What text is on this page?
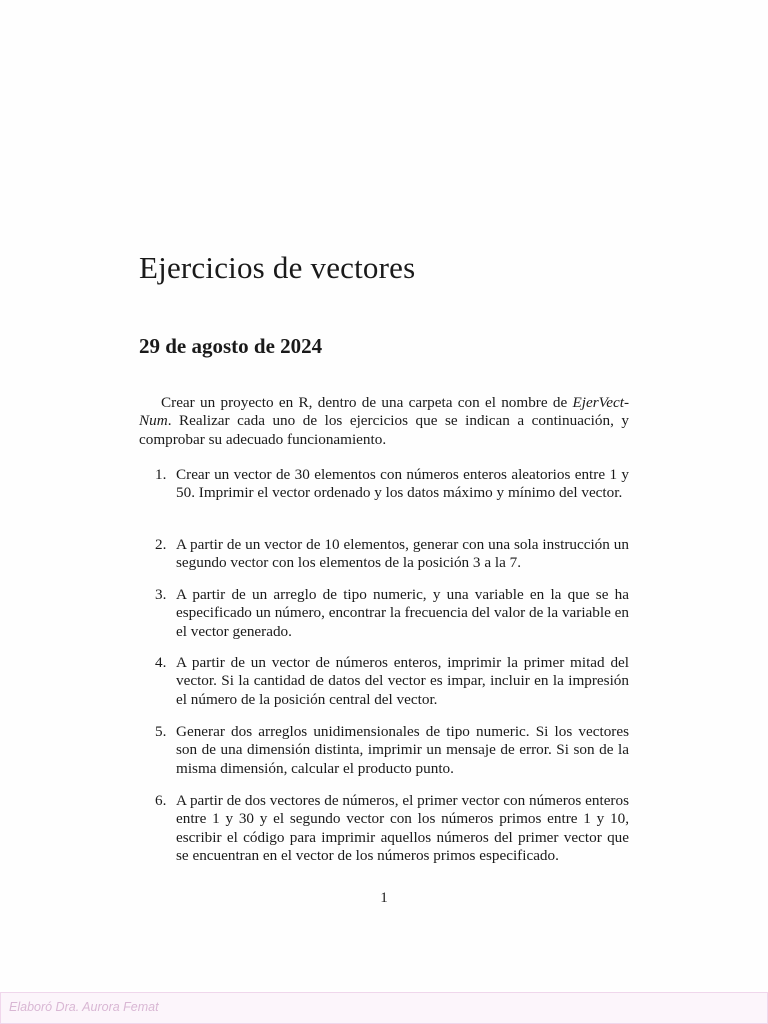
Ejercicios de vectores
29 de agosto de 2024

Crear un proyecto en R, dentro de una carpeta con el nombre de EjerVect-Num. Realizar cada uno de los ejercicios que se indican a continuación, y comprobar su adecuado funcionamiento.

1. Crear un vector de 30 elementos con números enteros aleatorios entre 1 y 50. Imprimir el vector ordenado y los datos máximo y mínimo del vector.
2. A partir de un vector de 10 elementos, generar con una sola instrucción un segundo vector con los elementos de la posición 3 a la 7.
3. A partir de un arreglo de tipo numeric, y una variable en la que se ha especificado un número, encontrar la frecuencia del valor de la variable en el vector generado.
4. A partir de un vector de números enteros, imprimir la primer mitad del vector. Si la cantidad de datos del vector es impar, incluir en la impresión el número de la posición central del vector.
5. Generar dos arreglos unidimensionales de tipo numeric. Si los vectores son de una dimensión distinta, imprimir un mensaje de error. Si son de la misma dimensión, calcular el producto punto.
6. A partir de dos vectores de números, el primer vector con números enteros entre 1 y 30 y el segundo vector con los números primos entre 1 y 10, escribir el código para imprimir aquellos números del primer vector que se encuentran en el vector de los números primos especificado.
1
Elaboró Dra. Aurora Femat
